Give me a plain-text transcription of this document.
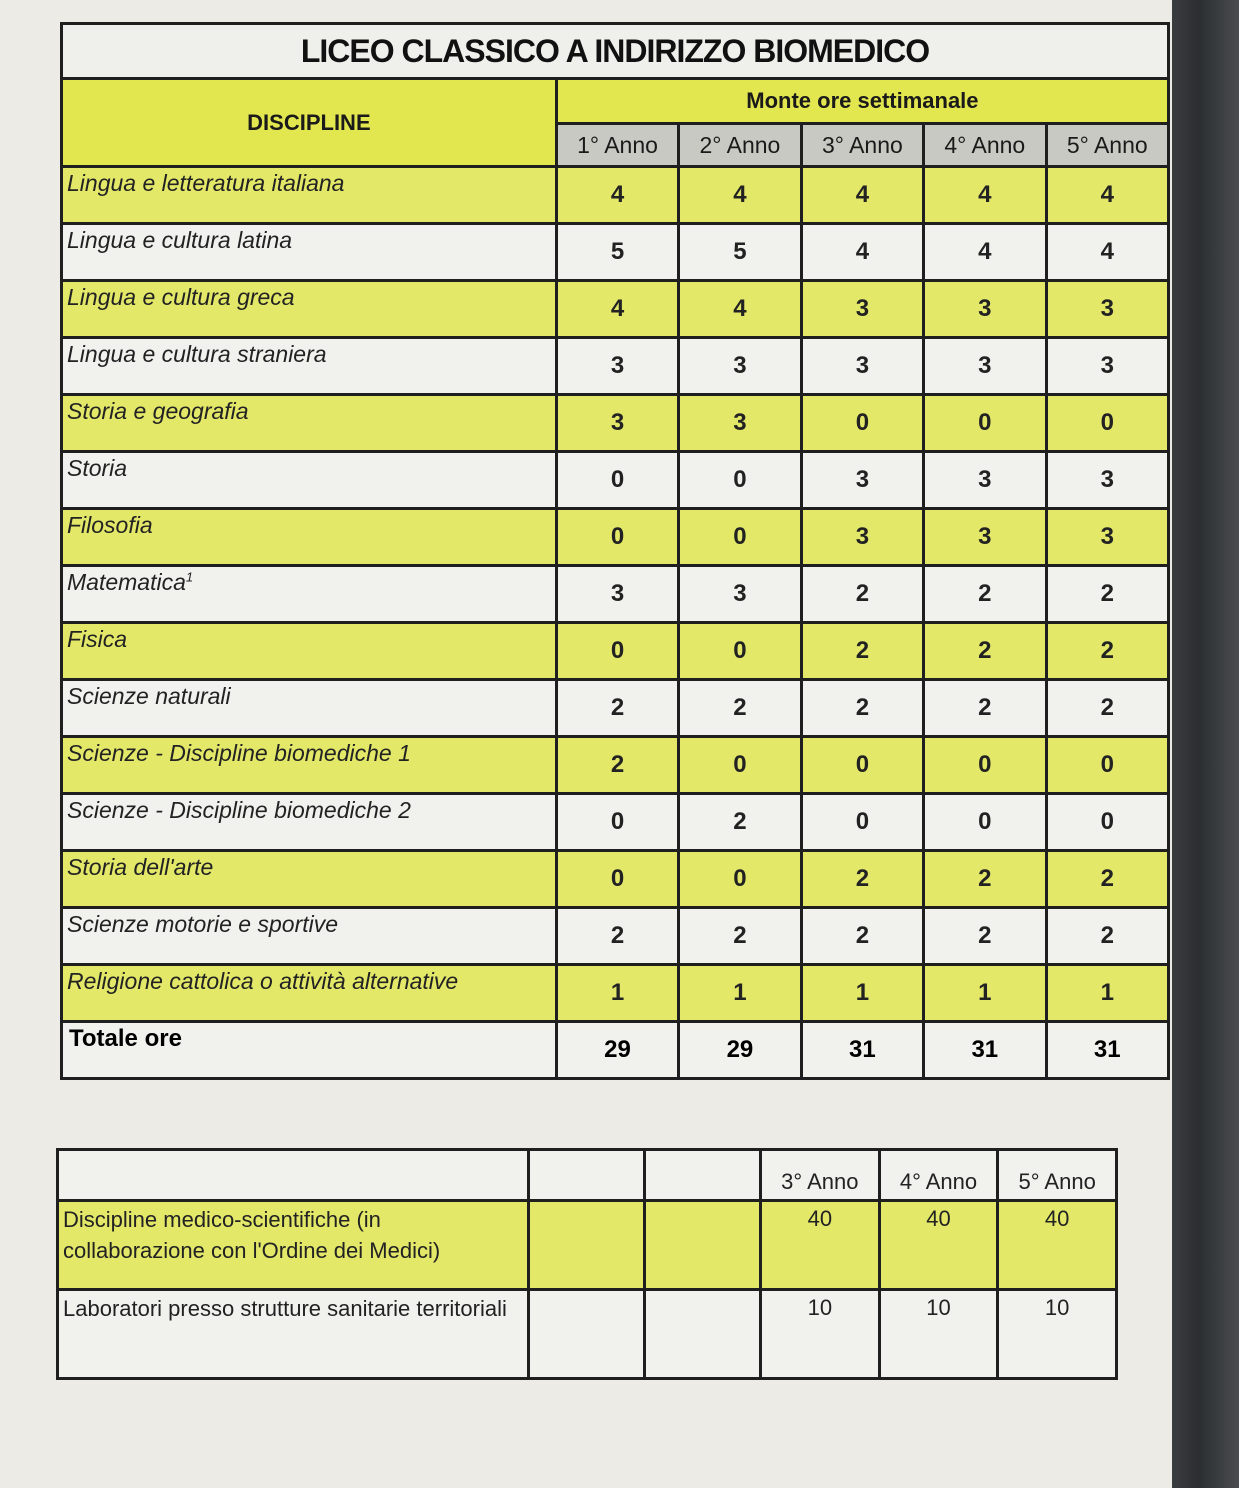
LICEO CLASSICO A INDIRIZZO BIOMEDICO					
DISCIPLINE	Monte ore settimanale				
	1° Anno	2° Anno	3° Anno	4° Anno	5° Anno
Lingua e letteratura italiana	4	4	4	4	4
Lingua e cultura latina	5	5	4	4	4
Lingua e cultura greca	4	4	3	3	3
Lingua e cultura straniera	3	3	3	3	3
Storia e geografia	3	3	0	0	0
Storia	0	0	3	3	3
Filosofia	0	0	3	3	3
Matematica$^1$	3	3	2	2	2
Fisica	0	0	2	2	2
Scienze naturali	2	2	2	2	2
Scienze - Discipline biomediche 1	2	0	0	0	0
Scienze - Discipline biomediche 2	0	2	0	0	0
Storia dell'arte	0	0	2	2	2
Scienze motorie e sportive	2	2	2	2	2
Religione cattolica o attività alternative	1	1	1	1	1
Totale ore	29	29	31	31	31
			3° Anno	4° Anno	5° Anno
Discipline medico-scientifiche (in collaborazione con l'Ordine dei Medici)			40	40	40
Laboratori presso strutture sanitarie territoriali			10	10	10
